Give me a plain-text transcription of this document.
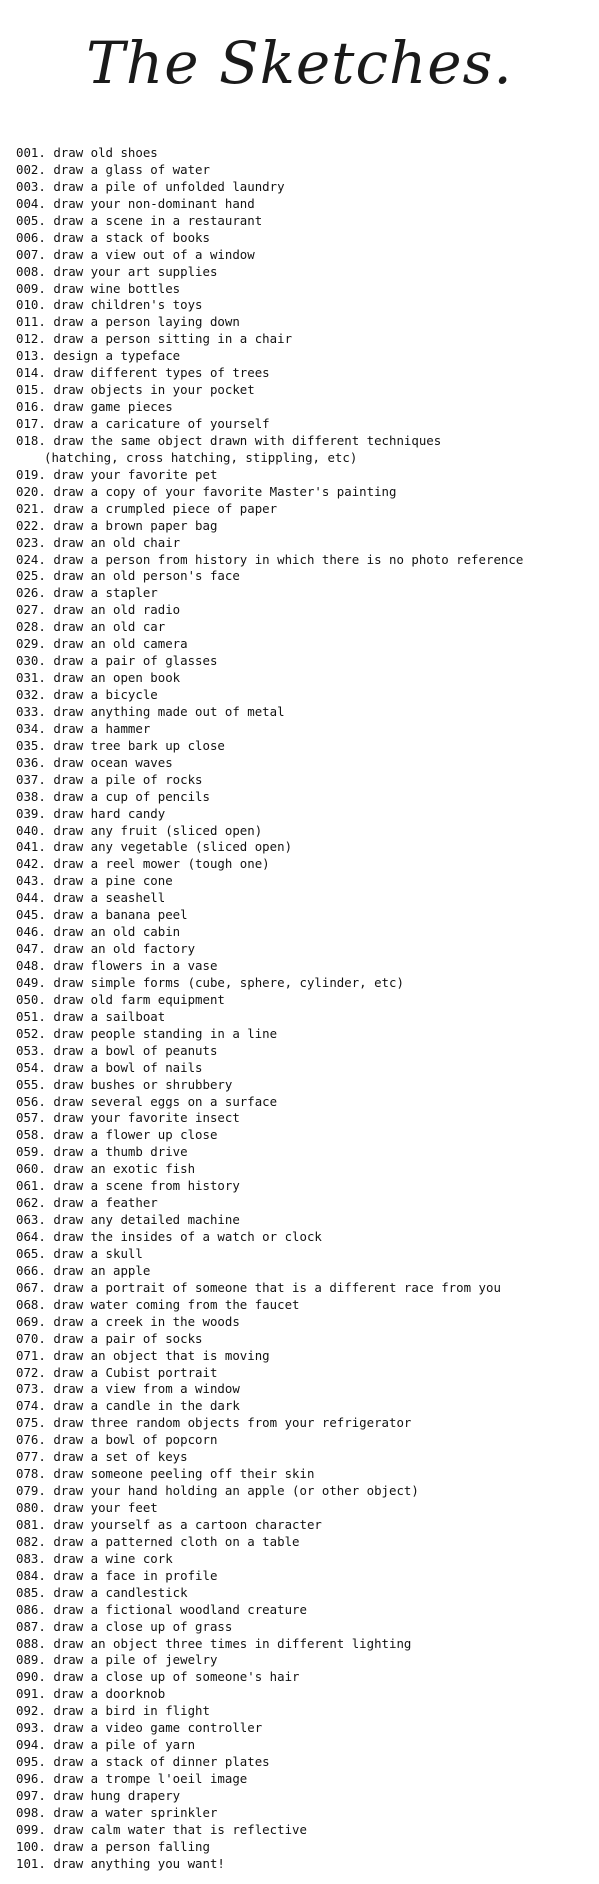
The Sketches.
001. draw old shoes
002. draw a glass of water
003. draw a pile of unfolded laundry
004. draw your non-dominant hand
005. draw a scene in a restaurant
006. draw a stack of books
007. draw a view out of a window
008. draw your art supplies
009. draw wine bottles
010. draw children's toys
011. draw a person laying down
012. draw a person sitting in a chair
013. design a typeface
014. draw different types of trees
015. draw objects in your pocket
016. draw game pieces
017. draw a caricature of yourself
018. draw the same object drawn with different techniques
(hatching, cross hatching, stippling, etc)
019. draw your favorite pet
020. draw a copy of your favorite Master's painting
021. draw a crumpled piece of paper
022. draw a brown paper bag
023. draw an old chair
024. draw a person from history in which there is no photo reference
025. draw an old person's face
026. draw a stapler
027. draw an old radio
028. draw an old car
029. draw an old camera
030. draw a pair of glasses
031. draw an open book
032. draw a bicycle
033. draw anything made out of metal
034. draw a hammer
035. draw tree bark up close
036. draw ocean waves
037. draw a pile of rocks
038. draw a cup of pencils
039. draw hard candy
040. draw any fruit (sliced open)
041. draw any vegetable (sliced open)
042. draw a reel mower (tough one)
043. draw a pine cone
044. draw a seashell
045. draw a banana peel
046. draw an old cabin
047. draw an old factory
048. draw flowers in a vase
049. draw simple forms (cube, sphere, cylinder, etc)
050. draw old farm equipment
051. draw a sailboat
052. draw people standing in a line
053. draw a bowl of peanuts
054. draw a bowl of nails
055. draw bushes or shrubbery
056. draw several eggs on a surface
057. draw your favorite insect
058. draw a flower up close
059. draw a thumb drive
060. draw an exotic fish
061. draw a scene from history
062. draw a feather
063. draw any detailed machine
064. draw the insides of a watch or clock
065. draw a skull
066. draw an apple
067. draw a portrait of someone that is a different race from you
068. draw water coming from the faucet
069. draw a creek in the woods
070. draw a pair of socks
071. draw an object that is moving
072. draw a Cubist portrait
073. draw a view from a window
074. draw a candle in the dark
075. draw three random objects from your refrigerator
076. draw a bowl of popcorn
077. draw a set of keys
078. draw someone peeling off their skin
079. draw your hand holding an apple (or other object)
080. draw your feet
081. draw yourself as a cartoon character
082. draw a patterned cloth on a table
083. draw a wine cork
084. draw a face in profile
085. draw a candlestick
086. draw a fictional woodland creature
087. draw a close up of grass
088. draw an object three times in different lighting
089. draw a pile of jewelry
090. draw a close up of someone's hair
091. draw a doorknob
092. draw a bird in flight
093. draw a video game controller
094. draw a pile of yarn
095. draw a stack of dinner plates
096. draw a trompe l'oeil image
097. draw hung drapery
098. draw a water sprinkler
099. draw calm water that is reflective
100. draw a person falling
101. draw anything you want!
